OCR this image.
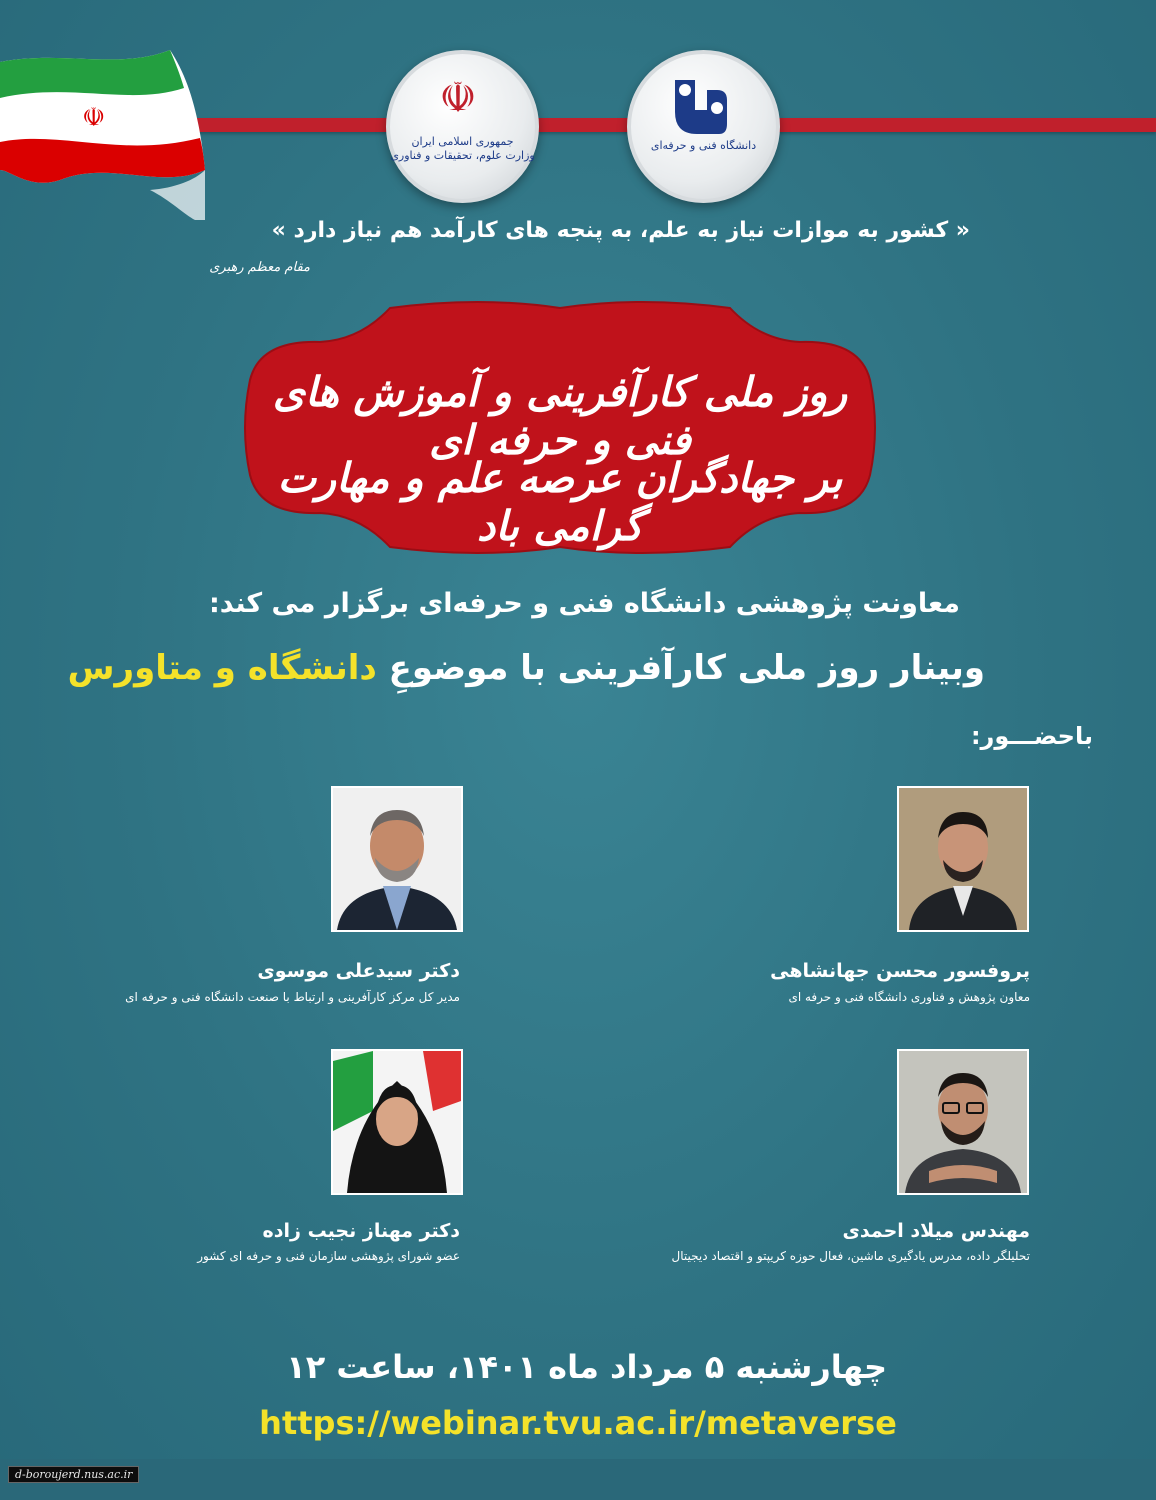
☫	☫
جمهوری اسلامی ایران
وزارت علوم، تحقیقات و فناوری
دانشگاه فنی و حرفه‌ای
« کشور به موازات نیاز به علم، به پنجه های کارآمد هم نیاز دارد »
مقام معظم رهبری
روز ملی کارآفرینی و آموزش های فنی و حرفه ای
بر جهادگران عرصه علم و مهارت گرامی باد
معاونت پژوهشی دانشگاه فنی و حرفه‌ای برگزار می کند:
وبینار روز ملی کارآفرینی با موضوعِ دانشگاه و متاورس
باحضـــور:
پروفسور محسن جهانشاهی
معاون پژوهش و فناوری دانشگاه فنی و حرفه ای
دکتر سیدعلی موسوی
مدیر کل مرکز کارآفرینی و ارتباط با صنعت دانشگاه فنی و حرفه ای
مهندس میلاد احمدی
تحلیلگر داده، مدرس یادگیری ماشین، فعال حوزه کریپتو و اقتصاد دیجیتال
دکتر مهناز نجیب زاده
عضو شورای پژوهشی سازمان فنی و حرفه ای کشور
چهارشنبه ۵ مرداد ماه ۱۴۰۱، ساعت ۱۲
https://webinar.tvu.ac.ir/metaverse
d-boroujerd.nus.ac.ir
